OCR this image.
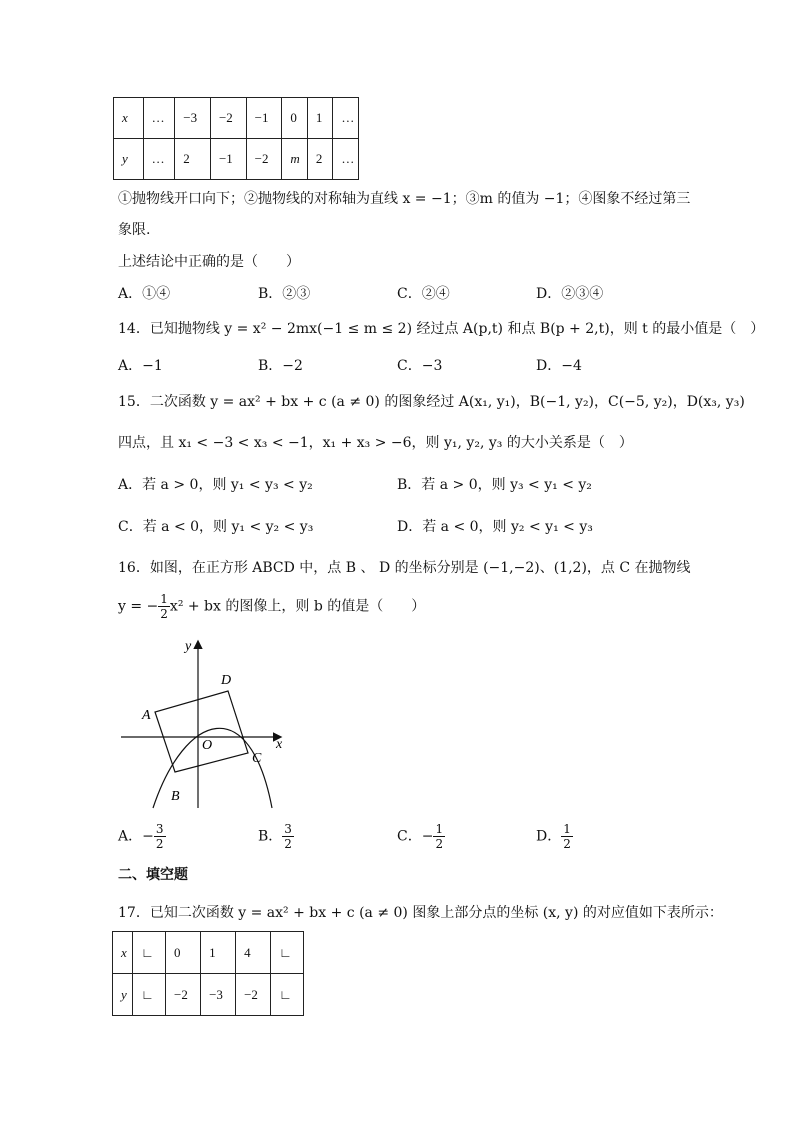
x	…	−3	−2	−1	0	1	…
y	…	2	−1	−2	m	2	…
①抛物线开口向下；②抛物线的对称轴为直线 x = −1；③m 的值为 −1；④图象不经过第三
象限.
上述结论中正确的是（　　）
A．①④	B．②③	C．②④	D．②③④
14．已知抛物线 y = x² − 2mx(−1 ≤ m ≤ 2) 经过点 A(p,t) 和点 B(p + 2,t)，则 t 的最小值是（　）
A．−1	B．−2	C．−3	D．−4
15．二次函数 y = ax² + bx + c (a ≠ 0) 的图象经过 A(x₁, y₁)，B(−1, y₂)，C(−5, y₂)，D(x₃, y₃)
四点，且 x₁ < −3 < x₃ < −1，x₁ + x₃ > −6，则 y₁, y₂, y₃ 的大小关系是（　）
A．若 a > 0，则 y₁ < y₃ < y₂	B．若 a > 0，则 y₃ < y₁ < y₂
C．若 a < 0，则 y₁ < y₂ < y₃	D．若 a < 0，则 y₂ < y₁ < y₃
16．如图，在正方形 ABCD 中，点 B 、 D 的坐标分别是 (−1,−2)、(1,2)，点 C 在抛物线
y = − $\frac{1}{2} x^2$ + bx 的图像上，则 b 的值是（　　）
y
x
A
B
C
D
O
A．− $\frac{3}{2}$	B． $\frac{3}{2}$	C．− $\frac{1}{2}$	D． $\frac{1}{2}$
二、填空题
17．已知二次函数 y = ax² + bx + c (a ≠ 0) 图象上部分点的坐标 (x, y) 的对应值如下表所示：
x	∟	0	1	4	∟
y	∟	−2	−3	−2	∟
